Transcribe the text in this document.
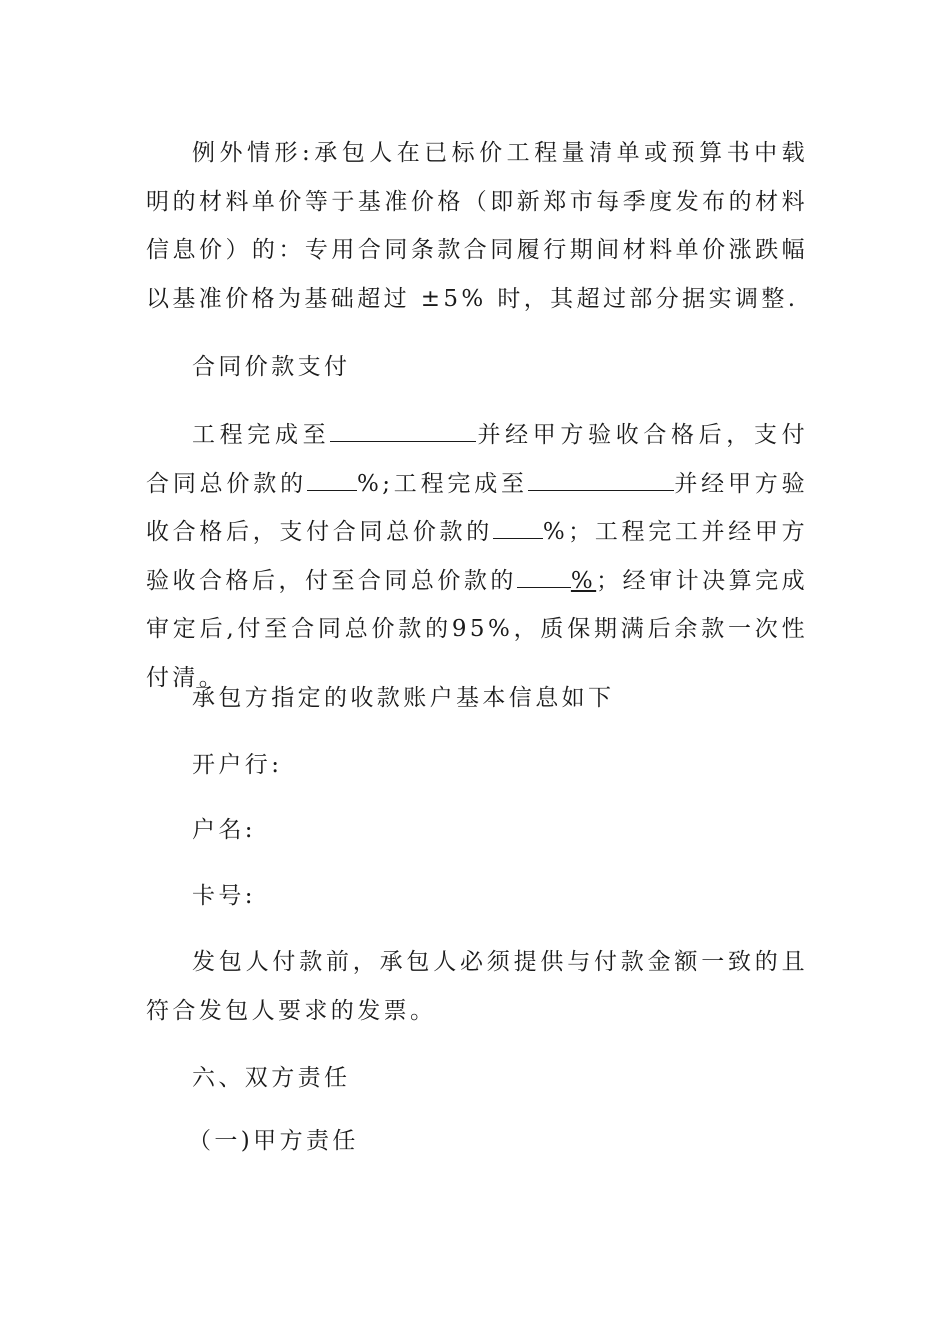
例外情形:承包人在已标价工程量清单或预算书中载明的材料单价等于基准价格（即新郑市每季度发布的材料信息价）的：专用合同条款合同履行期间材料单价涨跌幅以基准价格为基础超过 ±5% 时，其超过部分据实调整.

合同价款支付

工程完成至	并经甲方验收合格后，支付合同总价款的 %;工程完成至	并经甲方验收合格后，支付合同总价款的 %；工程完工并经甲方验收合格后，付至合同总价款的 %；经审计决算完成审定后,付至合同总价款的95%，质保期满后余款一次性付清。

承包方指定的收款账户基本信息如下
开户行:
户名:
卡号:

发包人付款前，承包人必须提供与付款金额一致的且符合发包人要求的发票。

六、双方责任
（一)甲方责任
